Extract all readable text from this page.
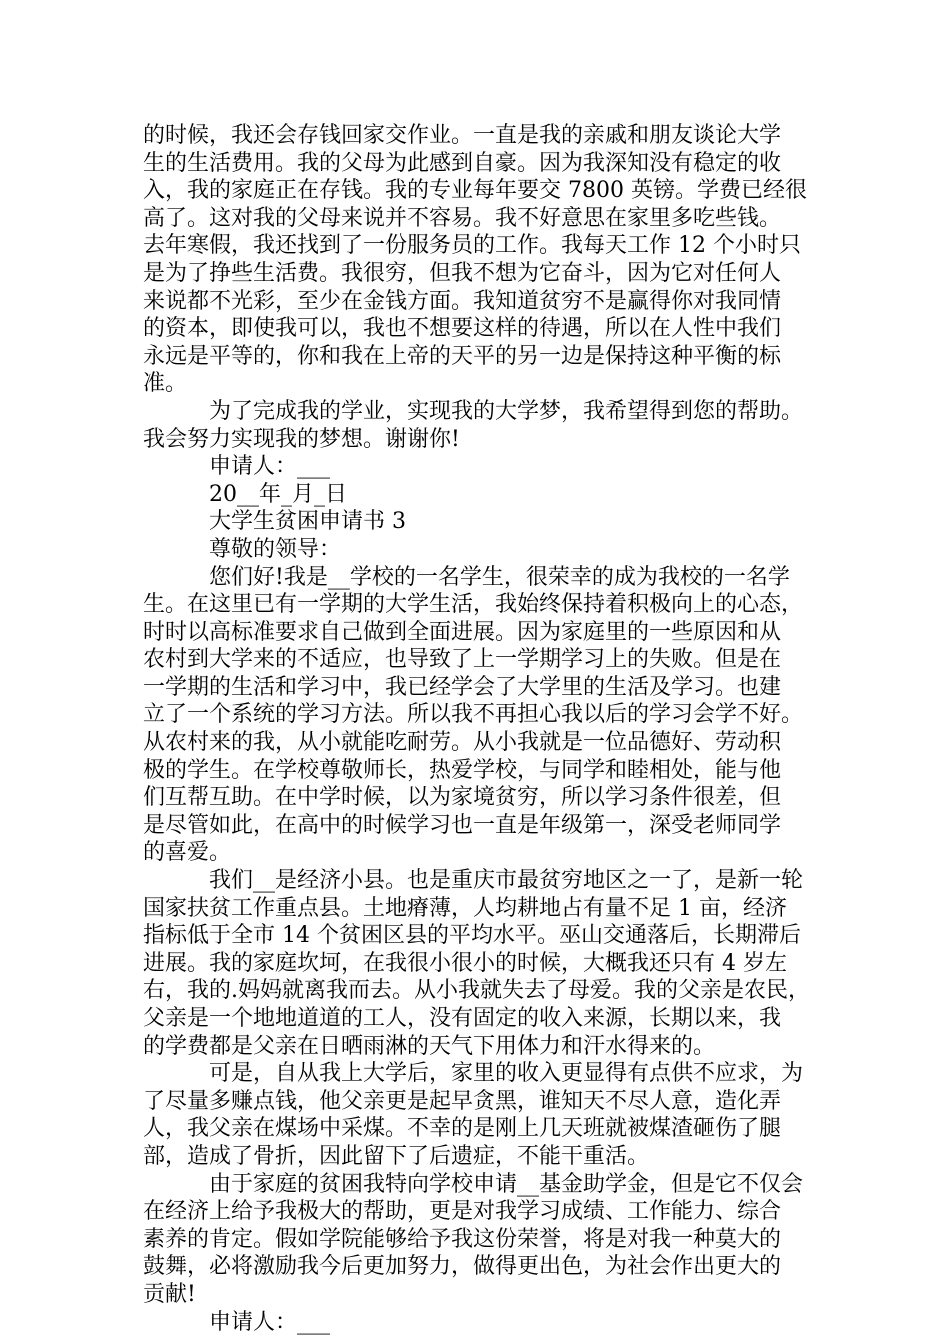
的时候，我还会存钱回家交作业。一直是我的亲戚和朋友谈论大学
生的生活费用。我的父母为此感到自豪。因为我深知没有稳定的收
入，我的家庭正在存钱。我的专业每年要交 7800 英镑。学费已经很
高了。这对我的父母来说并不容易。我不好意思在家里多吃些钱。
去年寒假，我还找到了一份服务员的工作。我每天工作 12 个小时只
是为了挣些生活费。我很穷，但我不想为它奋斗，因为它对任何人
来说都不光彩，至少在金钱方面。我知道贫穷不是赢得你对我同情
的资本，即使我可以，我也不想要这样的待遇，所以在人性中我们
永远是平等的，你和我在上帝的天平的另一边是保持这种平衡的标
准。
　　　为了完成我的学业，实现我的大学梦，我希望得到您的帮助。
我会努力实现我的梦想。谢谢你!
　　　申请人：___
　　　20__年_月_日
　　　大学生贫困申请书 3
　　　尊敬的领导：
　　　您们好!我是__学校的一名学生，很荣幸的成为我校的一名学
生。在这里已有一学期的大学生活，我始终保持着积极向上的心态，
时时以高标准要求自己做到全面进展。因为家庭里的一些原因和从
农村到大学来的不适应，也导致了上一学期学习上的失败。但是在
一学期的生活和学习中，我已经学会了大学里的生活及学习。也建
立了一个系统的学习方法。所以我不再担心我以后的学习会学不好。
从农村来的我，从小就能吃耐劳。从小我就是一位品德好、劳动积
极的学生。在学校尊敬师长，热爱学校，与同学和睦相处，能与他
们互帮互助。在中学时候，以为家境贫穷，所以学习条件很差，但
是尽管如此，在高中的时候学习也一直是年级第一，深受老师同学
的喜爱。
　　　我们__是经济小县。也是重庆市最贫穷地区之一了，是新一轮
国家扶贫工作重点县。土地瘠薄，人均耕地占有量不足 1 亩，经济
指标低于全市 14 个贫困区县的平均水平。巫山交通落后，长期滞后
进展。我的家庭坎坷，在我很小很小的时候，大概我还只有 4 岁左
右，我的.妈妈就离我而去。从小我就失去了母爱。我的父亲是农民，
父亲是一个地地道道的工人，没有固定的收入来源，长期以来，我
的学费都是父亲在日晒雨淋的天气下用体力和汗水得来的。
　　　可是，自从我上大学后，家里的收入更显得有点供不应求，为
了尽量多赚点钱，他父亲更是起早贪黑，谁知天不尽人意，造化弄
人，我父亲在煤场中采煤。不幸的是刚上几天班就被煤渣砸伤了腿
部，造成了骨折，因此留下了后遗症，不能干重活。
　　　由于家庭的贫困我特向学校申请__基金助学金，但是它不仅会
在经济上给予我极大的帮助，更是对我学习成绩、工作能力、综合
素养的肯定。假如学院能够给予我这份荣誉，将是对我一种莫大的
鼓舞，必将激励我今后更加努力，做得更出色，为社会作出更大的
贡献!
　　　申请人：___
